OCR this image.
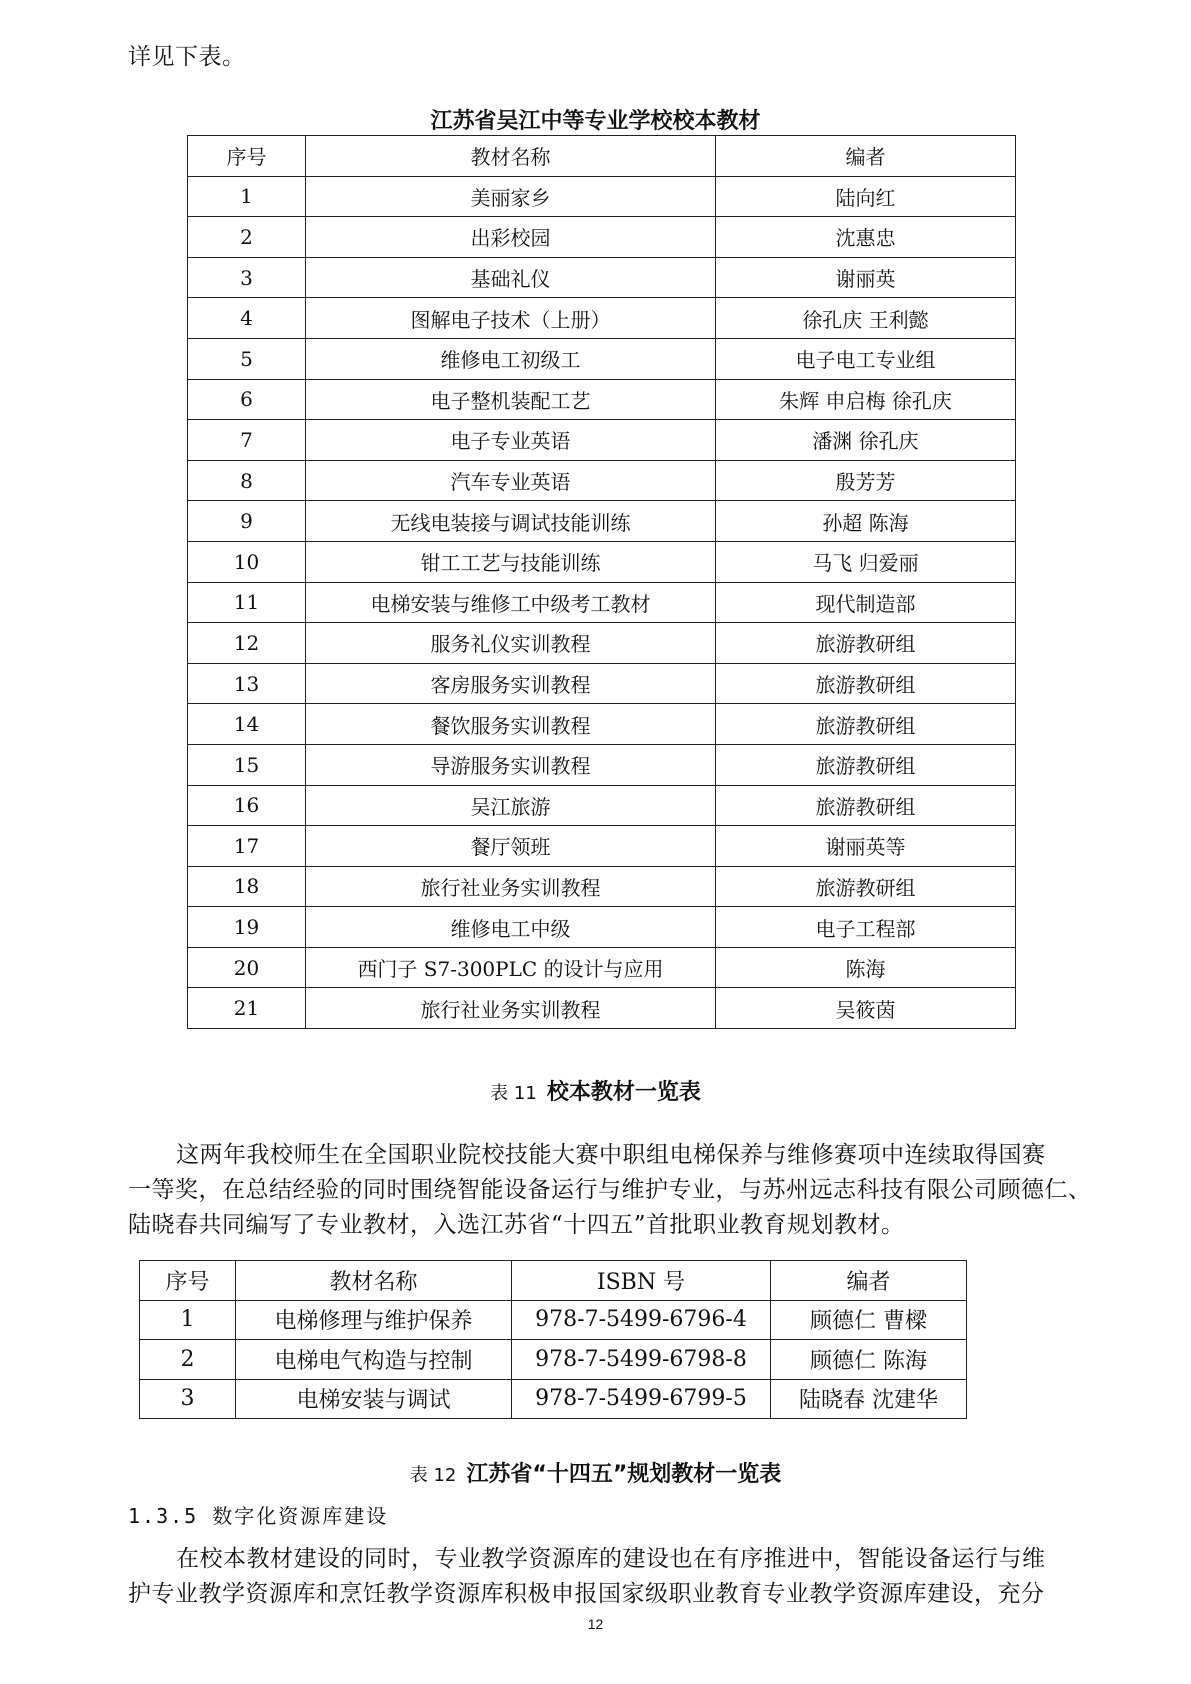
详见下表。
江苏省吴江中等专业学校校本教材
序号	教材名称	编者
1	美丽家乡	陆向红
2	出彩校园	沈惠忠
3	基础礼仪	谢丽英
4	图解电子技术（上册）	徐孔庆 王利懿
5	维修电工初级工	电子电工专业组
6	电子整机装配工艺	朱辉 申启梅 徐孔庆
7	电子专业英语	潘渊 徐孔庆
8	汽车专业英语	殷芳芳
9	无线电装接与调试技能训练	孙超 陈海
10	钳工工艺与技能训练	马飞 归爱丽
11	电梯安装与维修工中级考工教材	现代制造部
12	服务礼仪实训教程	旅游教研组
13	客房服务实训教程	旅游教研组
14	餐饮服务实训教程	旅游教研组
15	导游服务实训教程	旅游教研组
16	吴江旅游	旅游教研组
17	餐厅领班	谢丽英等
18	旅行社业务实训教程	旅游教研组
19	维修电工中级	电子工程部
20	西门子 S7-300PLC 的设计与应用	陈海
21	旅行社业务实训教程	吴筱茵
表 11 校本教材一览表
这两年我校师生在全国职业院校技能大赛中职组电梯保养与维修赛项中连续取得国赛
一等奖，在总结经验的同时围绕智能设备运行与维护专业，与苏州远志科技有限公司顾德仁、
陆晓春共同编写了专业教材，入选江苏省“十四五”首批职业教育规划教材。
序号	教材名称	ISBN 号	编者
1	电梯修理与维护保养	978-7-5499-6796-4	顾德仁 曹樑
2	电梯电气构造与控制	978-7-5499-6798-8	顾德仁 陈海
3	电梯安装与调试	978-7-5499-6799-5	陆晓春 沈建华
表 12 江苏省“十四五”规划教材一览表
1.3.5 数字化资源库建设
在校本教材建设的同时，专业教学资源库的建设也在有序推进中，智能设备运行与维
护专业教学资源库和烹饪教学资源库积极申报国家级职业教育专业教学资源库建设，充分
12
